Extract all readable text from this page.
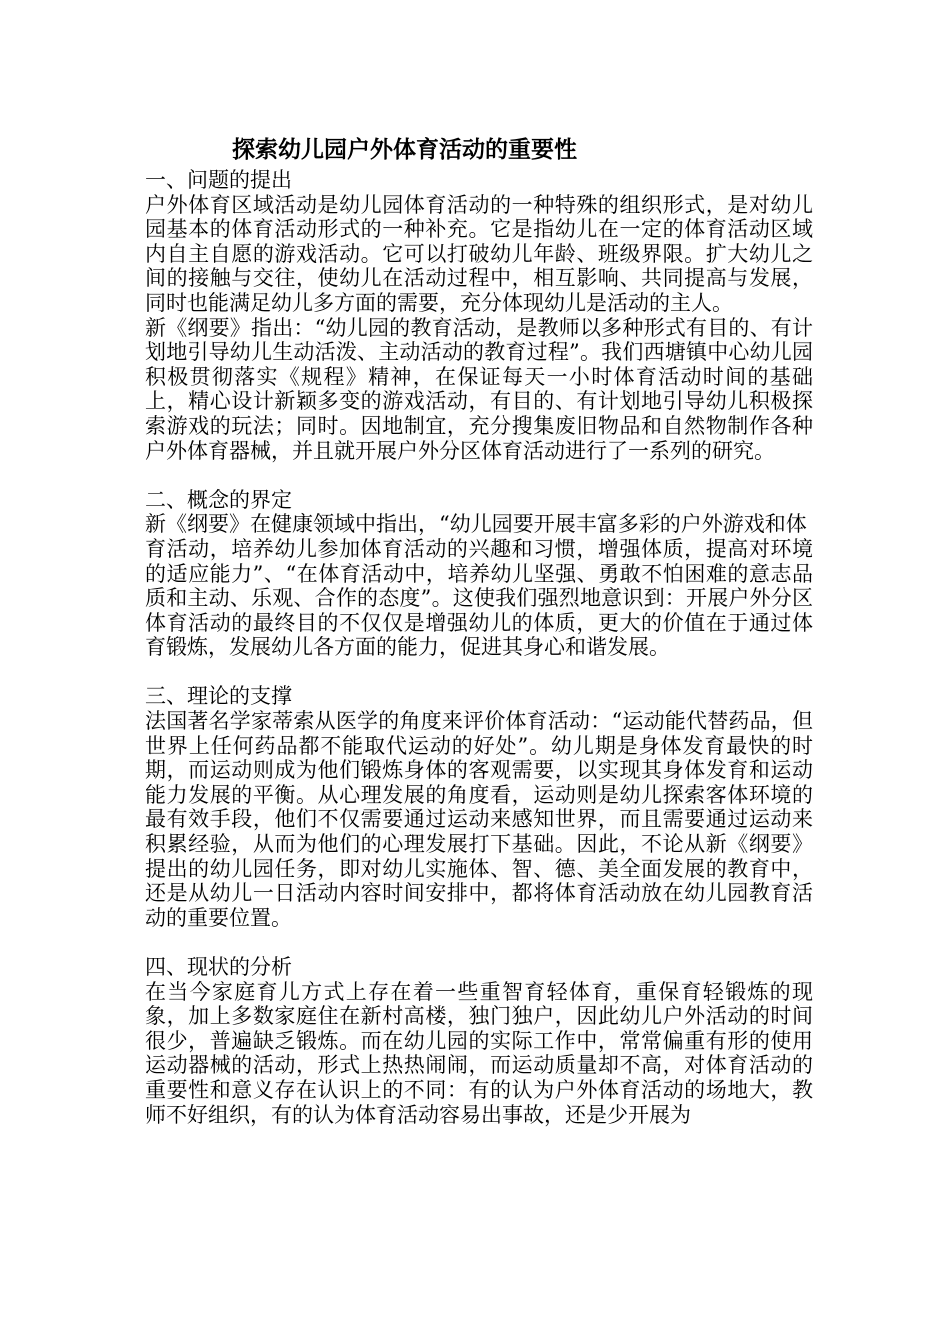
探索幼儿园户外体育活动的重要性
一、问题的提出

户外体育区域活动是幼儿园体育活动的一种特殊的组织形式，是对幼儿园基本的体育活动形式的一种补充。它是指幼儿在一定的体育活动区域内自主自愿的游戏活动。它可以打破幼儿年龄、班级界限。扩大幼儿之间的接触与交往，使幼儿在活动过程中，相互影响、共同提高与发展，同时也能满足幼儿多方面的需要，充分体现幼儿是活动的主人。

新《纲要》指出：“幼儿园的教育活动，是教师以多种形式有目的、有计划地引导幼儿生动活泼、主动活动的教育过程”。我们西塘镇中心幼儿园积极贯彻落实《规程》精神，在保证每天一小时体育活动时间的基础上，精心设计新颖多变的游戏活动，有目的、有计划地引导幼儿积极探索游戏的玩法；同时。因地制宜，充分搜集废旧物品和自然物制作各种户外体育器械，并且就开展户外分区体育活动进行了一系列的研究。

二、概念的界定

新《纲要》在健康领域中指出，“幼儿园要开展丰富多彩的户外游戏和体

育活动，培养幼儿参加体育活动的兴趣和习惯，增强体质，提高对环境的适应能力”、“在体育活动中，培养幼儿坚强、勇敢不怕困难的意志品质和主动、乐观、合作的态度”。这使我们强烈地意识到：开展户外分区体育活动的最终目的不仅仅是增强幼儿的体质，更大的价值在于通过体育锻炼，发展幼儿各方面的能力，促进其身心和谐发展。

三、理论的支撑

法国著名学家蒂索从医学的角度来评价体育活动：“运动能代替药品，但世界上任何药品都不能取代运动的好处”。幼儿期是身体发育最快的时期，而运动则成为他们锻炼身体的客观需要，以实现其身体发育和运动能力发展的平衡。从心理发展的角度看，运动则是幼儿探索客体环境的最有效手段，他们不仅需要通过运动来感知世界，而且需要通过运动来积累经验，从而为他们的心理发展打下基础。因此，不论从新《纲要》提出的幼儿园任务，即对幼儿实施体、智、德、美全面发展的教育中，还是从幼儿一日活动内容时间安排中，都将体育活动放在幼儿园教育活动的重要位置。

四、现状的分析

在当今家庭育儿方式上存在着一些重智育轻体育，重保育轻锻炼的现象，加上多数家庭住在新村高楼，独门独户，因此幼儿户外活动的时间很少，普遍缺乏锻炼。而在幼儿园的实际工作中，常常偏重有形的使用运动器械的活动，形式上热热闹闹，而运动质量却不高，对体育活动的重要性和意义存在认识上的不同：有的认为户外体育活动的场地大，教师不好组织，有的认为体育活动容易出事故，还是少开展为
